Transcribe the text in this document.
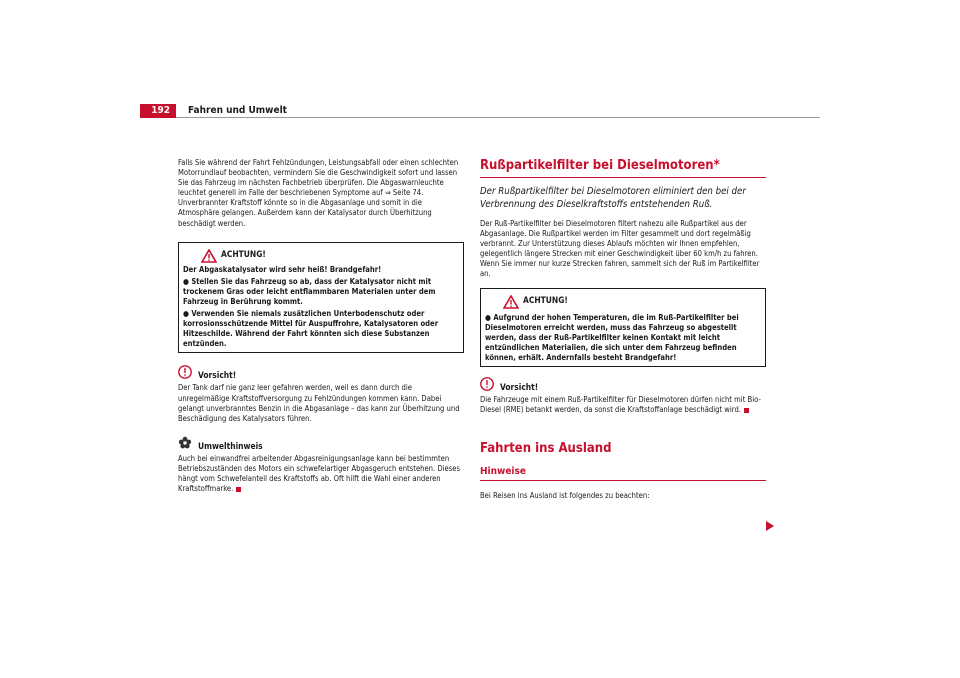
192	Fahren und Umwelt

Falls Sie während der Fahrt Fehlzündungen, Leistungsabfall oder einen schlechten Motorrundlauf beobachten, vermindern Sie die Geschwindigkeit sofort und lassen Sie das Fahrzeug im nächsten Fachbetrieb überprüfen. Die Abgaswarnleuchte leuchtet generell im Falle der beschriebenen Symptome auf ⇒ Seite 74. Unverbrannter Kraftstoff könnte so in die Abgasanlage und somit in die Atmosphäre gelangen. Außerdem kann der Katalysator durch Überhitzung beschädigt werden.

ACHTUNG!

Der Abgaskatalysator wird sehr heiß! Brandgefahr!

● Stellen Sie das Fahrzeug so ab, dass der Katalysator nicht mit trockenem Gras oder leicht entflammbaren Materialen unter dem Fahrzeug in Berührung kommt.

● Verwenden Sie niemals zusätzlichen Unterbodenschutz oder korrosionsschützende Mittel für Auspuffrohre, Katalysatoren oder Hitzeschilde. Während der Fahrt könnten sich diese Substanzen entzünden.

Vorsicht!

Der Tank darf nie ganz leer gefahren werden, weil es dann durch die unregelmäßige Kraftstoffversorgung zu Fehlzündungen kommen kann. Dabei gelangt unverbranntes Benzin in die Abgasanlage – das kann zur Überhitzung und Beschädigung des Katalysators führen.

Umwelthinweis

Auch bei einwandfrei arbeitender Abgasreinigungsanlage kann bei bestimmten Betriebszuständen des Motors ein schwefelartiger Abgasgeruch entstehen. Dieses hängt vom Schwefelanteil des Kraftstoffs ab. Oft hilft die Wahl einer anderen Kraftstoffmarke.

Rußpartikelfilter bei Dieselmotoren*

Der Rußpartikelfilter bei Dieselmotoren eliminiert den bei der Verbrennung des Dieselkraftstoffs entstehenden Ruß.

Der Ruß-Partikelfilter bei Dieselmotoren filtert nahezu alle Rußpartikel aus der Abgasanlage. Die Rußpartikel werden im Filter gesammelt und dort regelmäßig verbrannt. Zur Unterstützung dieses Ablaufs möchten wir Ihnen empfehlen, gelegentlich längere Strecken mit einer Geschwindigkeit über 60 km/h zu fahren. Wenn Sie immer nur kurze Strecken fahren, sammelt sich der Ruß im Partikelfilter an.

ACHTUNG!

● Aufgrund der hohen Temperaturen, die im Ruß-Partikelfilter bei Dieselmotoren erreicht werden, muss das Fahrzeug so abgestellt werden, dass der Ruß-Partikelfilter keinen Kontakt mit leicht entzündlichen Materialien, die sich unter dem Fahrzeug befinden können, erhält. Andernfalls besteht Brandgefahr!

Vorsicht!

Die Fahrzeuge mit einem Ruß-Partikelfilter für Dieselmotoren dürfen nicht mit Bio-Diesel (RME) betankt werden, da sonst die Kraftstoffanlage beschädigt wird.

Fahrten ins Ausland
Hinweise

Bei Reisen ins Ausland ist folgendes zu beachten:
